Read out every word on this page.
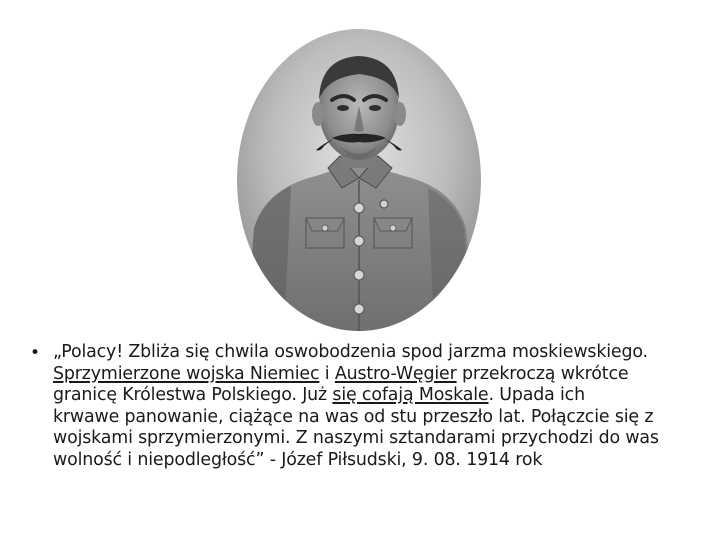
• „Polacy! Zbliża się chwila oswobodzenia spod jarzma moskiewskiego.
Sprzymierzone wojska Niemiec i Austro-Węgier przekroczą wkrótce
granicę Królestwa Polskiego. Już się cofają Moskale. Upada ich
krwawe panowanie, ciążące na was od stu przeszło lat. Połączcie się z
wojskami sprzymierzonymi. Z naszymi sztandarami przychodzi do was
wolność i niepodległość” - Józef Piłsudski, 9. 08. 1914 rok
